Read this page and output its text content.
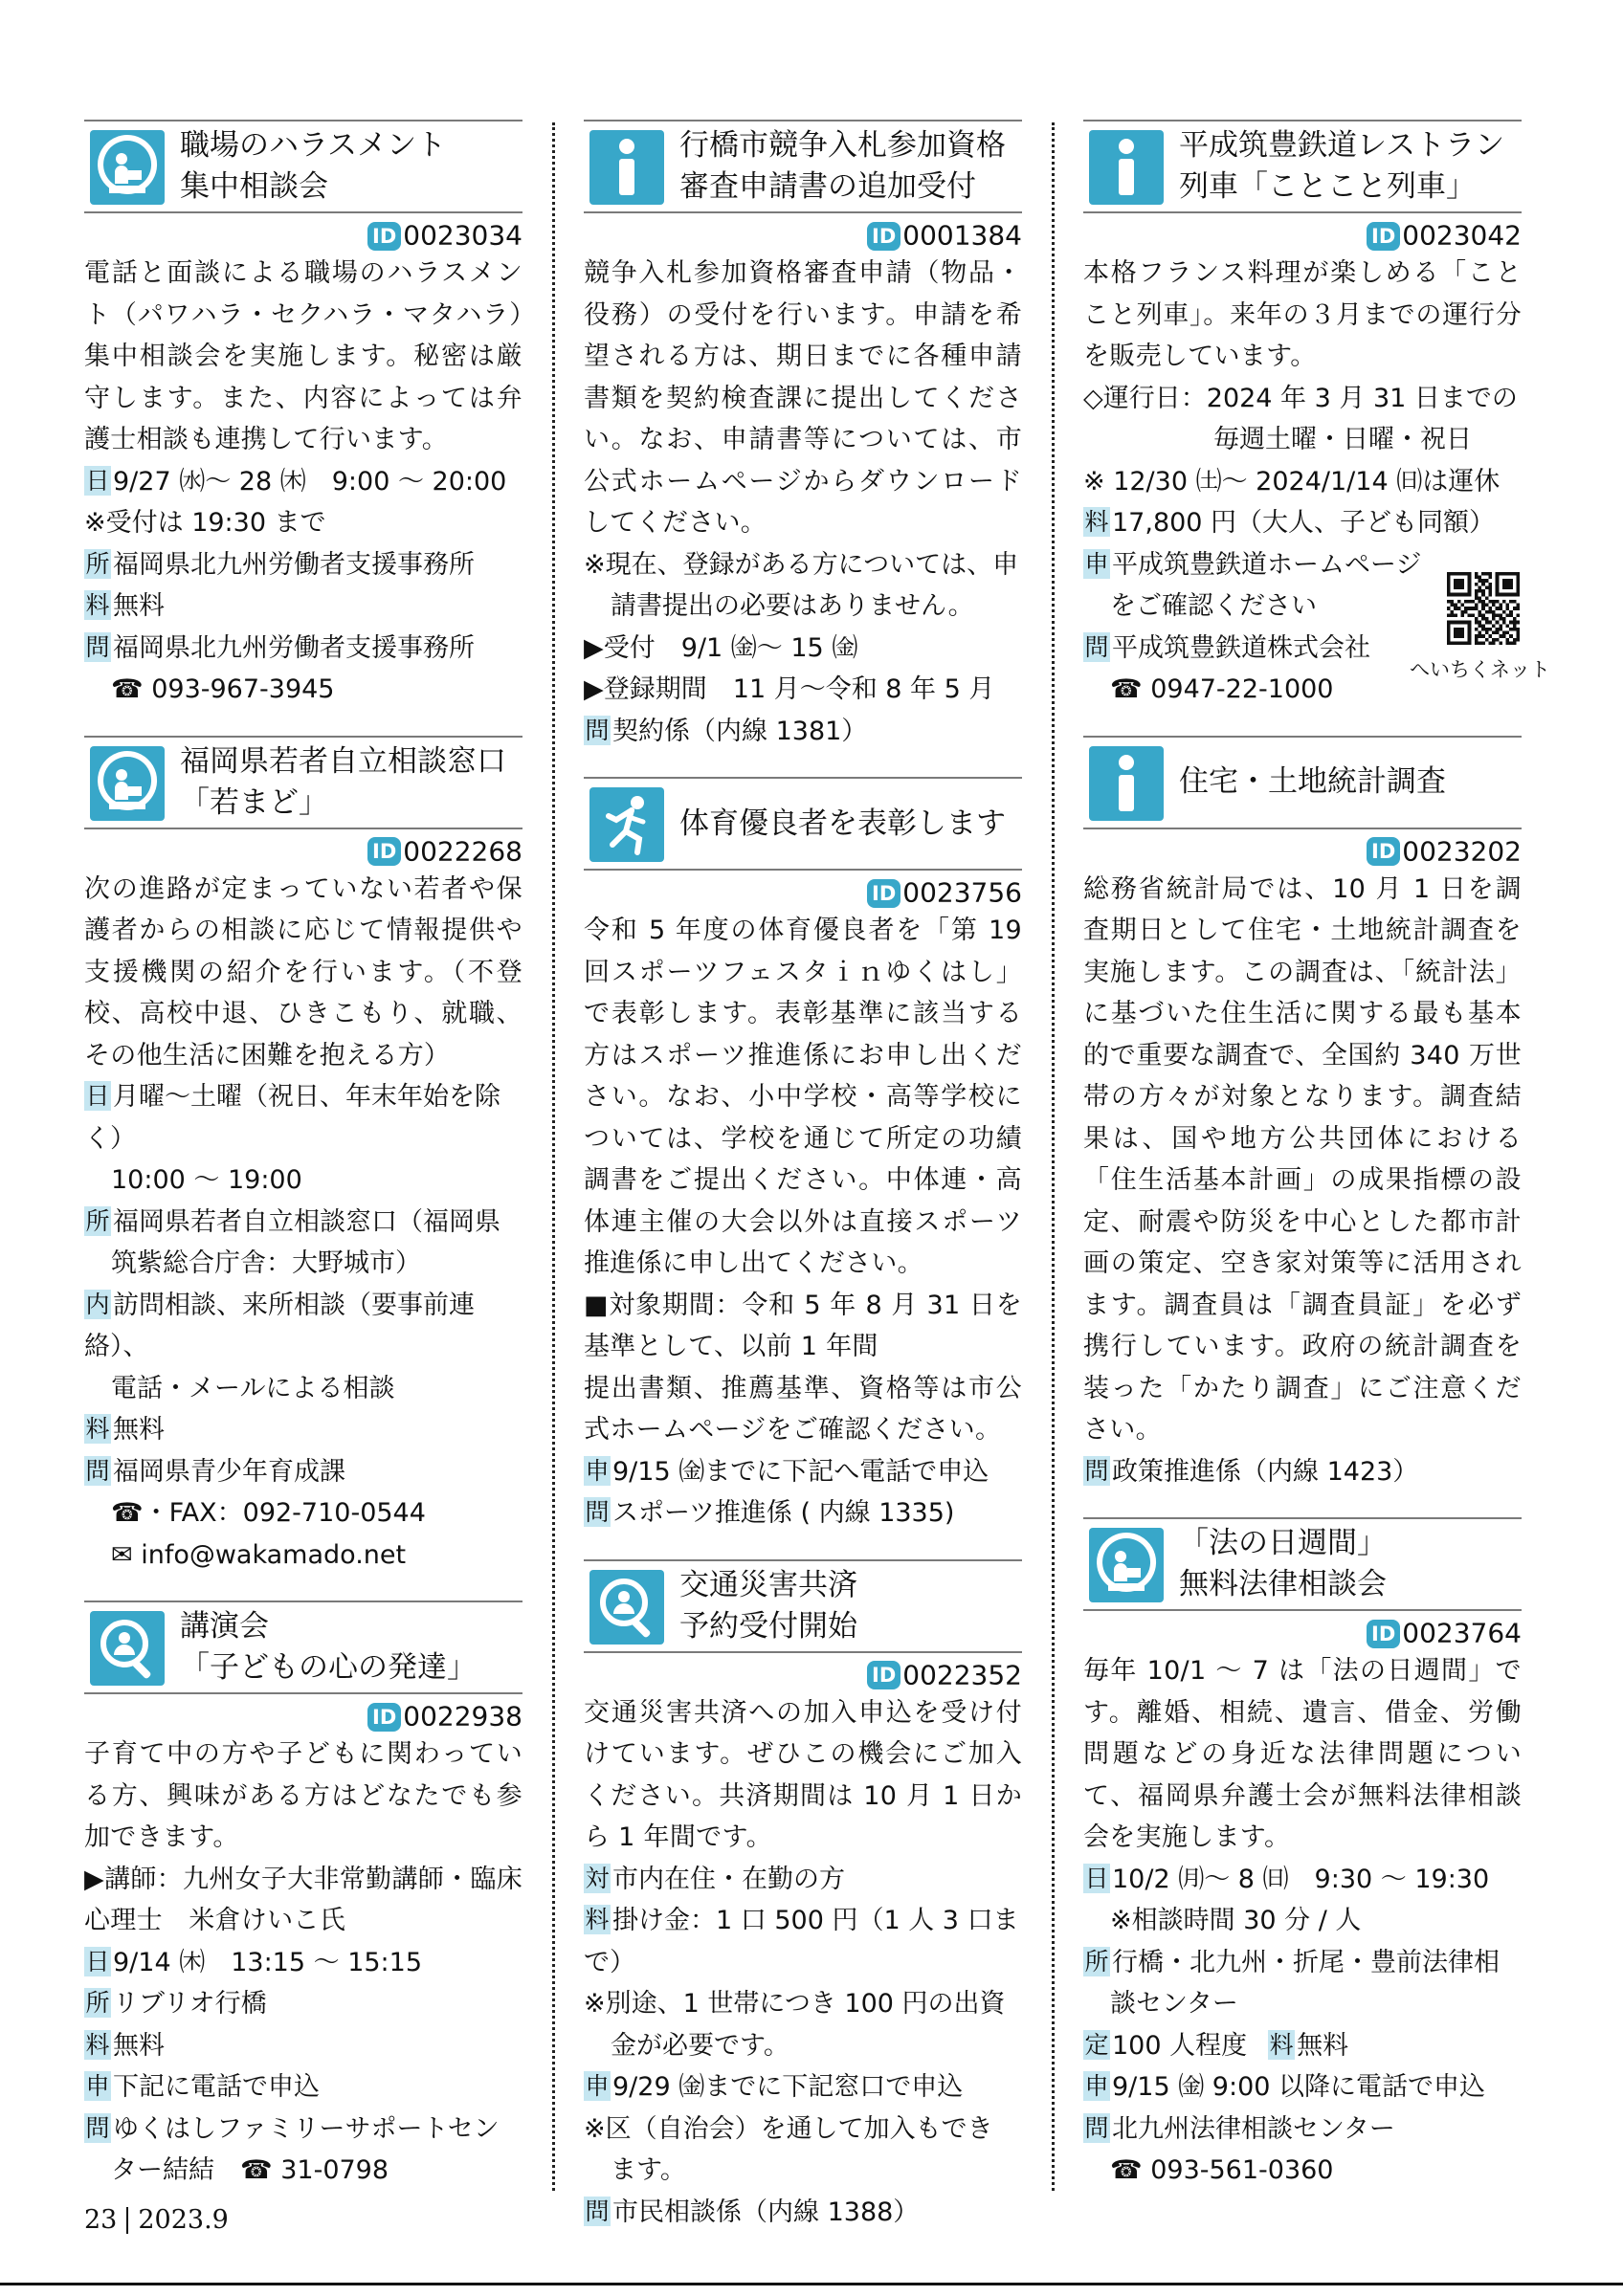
職場のハラスメント
集中相談会
ID 0023034
電話と面談による職場のハラスメント（パワハラ・セクハラ・マタハラ）集中相談会を実施します。秘密は厳守します。また、内容によっては弁護士相談も連携して行います。
日 9/27 ㈬～ 28 ㈭　9:00 ～ 20:00
※受付は 19:30 まで
所 福岡県北九州労働者支援事務所
料 無料
問 福岡県北九州労働者支援事務所
☎ 093-967-3945
福岡県若者自立相談窓口
「若まど」
ID 0022268
次の進路が定まっていない若者や保護者からの相談に応じて情報提供や支援機関の紹介を行います。（不登校、高校中退、ひきこもり、就職、その他生活に困難を抱える方）
日 月曜～土曜（祝日、年末年始を除く）
10:00 ～ 19:00
所 福岡県若者自立相談窓口（福岡県
筑紫総合庁舎：大野城市）
内 訪問相談、来所相談（要事前連絡）、
電話・メールによる相談
料 無料
問 福岡県青少年育成課
☎・FAX：092-710-0544
✉ info@wakamado.net
講演会
「子どもの心の発達」
ID 0022938
子育て中の方や子どもに関わっている方、興味がある方はどなたでも参加できます。
▶講師：九州女子大非常勤講師・臨床心理士　米倉けいこ氏
日 9/14 ㈭　13:15 ～ 15:15
所 リブリオ行橋
料 無料
申 下記に電話で申込
問 ゆくはしファミリーサポートセン
ター結結　☎ 31-0798
行橋市競争入札参加資格
審査申請書の追加受付
ID 0001384
競争入札参加資格審査申請（物品・役務）の受付を行います。申請を希望される方は、期日までに各種申請書類を契約検査課に提出してください。なお、申請書等については、市公式ホームページからダウンロードしてください。
※現在、登録がある方については、申
請書提出の必要はありません。
▶受付　9/1 ㈮～ 15 ㈮
▶登録期間　11 月～令和 8 年 5 月
問 契約係（内線 1381）
体育優良者を表彰します
ID 0023756
令和 5 年度の体育優良者を「第 19 回スポーツフェスタｉｎゆくはし」で表彰します。表彰基準に該当する方はスポーツ推進係にお申し出ください。なお、小中学校・高等学校については、学校を通じて所定の功績調書をご提出ください。中体連・高体連主催の大会以外は直接スポーツ推進係に申し出てください。
■対象期間：令和 5 年 8 月 31 日を基準として、以前 1 年間
提出書類、推薦基準、資格等は市公式ホームページをご確認ください。
申 9/15 ㈮までに下記へ電話で申込
問 スポーツ推進係 ( 内線 1335)
交通災害共済
予約受付開始
ID 0022352
交通災害共済への加入申込を受け付けています。ぜひこの機会にご加入ください。共済期間は 10 月 1 日から 1 年間です。
対 市内在住・在勤の方
料 掛け金：1 口 500 円（1 人 3 口まで）
※別途、1 世帯につき 100 円の出資
金が必要です。
申 9/29 ㈮までに下記窓口で申込
※区（自治会）を通して加入もでき
ます。
問 市民相談係（内線 1388）
平成筑豊鉄道レストラン
列車「ことこと列車」
ID 0023042
本格フランス料理が楽しめる「ことこと列車」。来年の３月までの運行分を販売しています。
◇運行日：2024 年 3 月 31 日までの
毎週土曜・日曜・祝日
※ 12/30 ㈯～ 2024/1/14 ㈰は運休
料 17,800 円（大人、子ども同額）
申 平成筑豊鉄道ホームページ
をご確認ください
問 平成筑豊鉄道株式会社
☎ 0947-22-1000
へいちくネット
住宅・土地統計調査
ID 0023202
総務省統計局では、10 月 1 日を調査期日として住宅・土地統計調査を実施します。この調査は、「統計法」に基づいた住生活に関する最も基本的で重要な調査で、全国約 340 万世帯の方々が対象となります。調査結果は、国や地方公共団体における「住生活基本計画」の成果指標の設定、耐震や防災を中心とした都市計画の策定、空き家対策等に活用されます。調査員は「調査員証」を必ず携行しています。政府の統計調査を装った「かたり調査」にご注意ください。
問 政策推進係（内線 1423）
「法の日週間」
無料法律相談会
ID 0023764
毎年 10/1 ～ 7 は「法の日週間」です。離婚、相続、遺言、借金、労働問題などの身近な法律問題について、福岡県弁護士会が無料法律相談会を実施します。
日 10/2 ㈪～ 8 ㈰　9:30 ～ 19:30
※相談時間 30 分 / 人
所 行橋・北九州・折尾・豊前法律相
談センター
定 100 人程度 料 無料
申 9/15 ㈮ 9:00 以降に電話で申込
問 北九州法律相談センター
☎ 093-561-0360
23 2023.9
